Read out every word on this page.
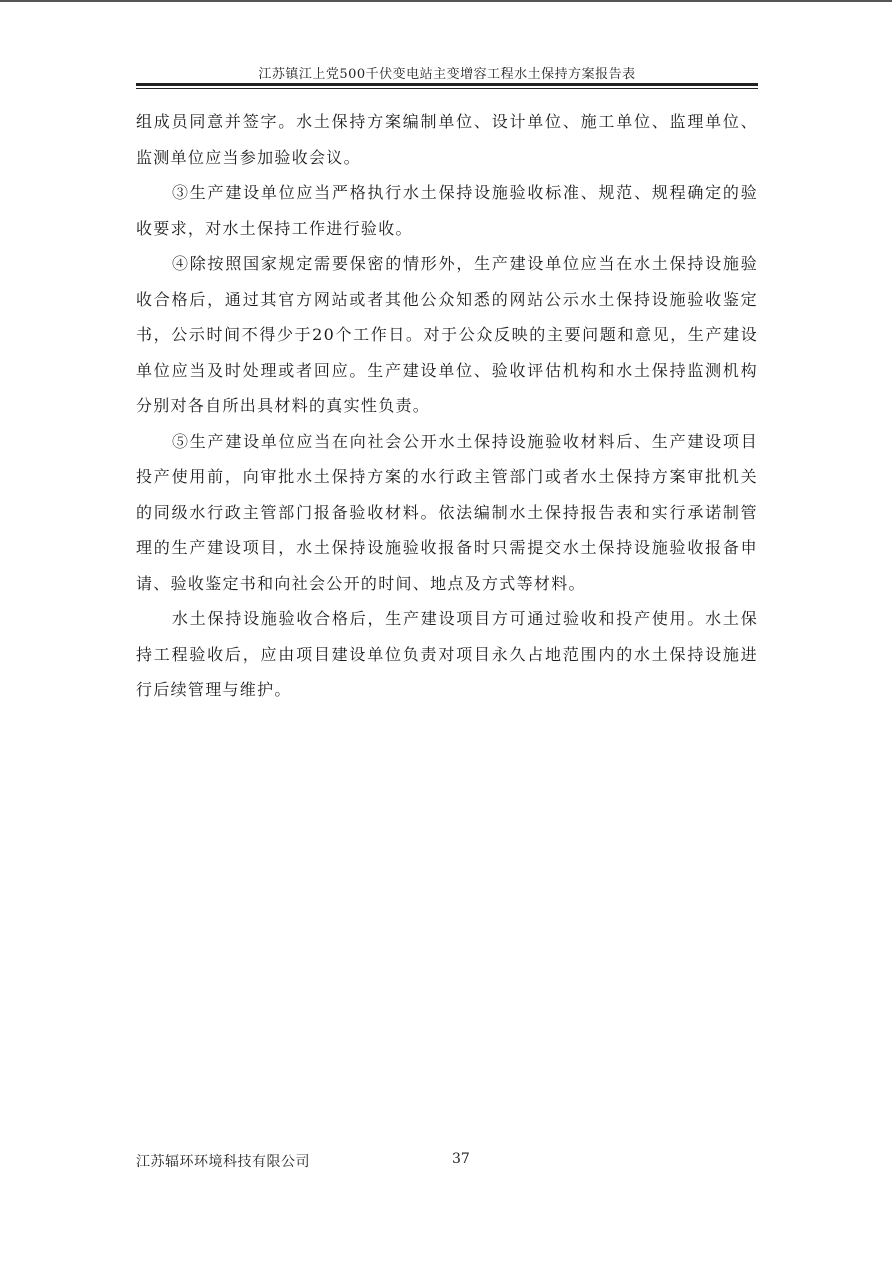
江苏镇江上党500千伏变电站主变增容工程水土保持方案报告表

组成员同意并签字。水土保持方案编制单位、设计单位、施工单位、监理单位、监测单位应当参加验收会议。

③生产建设单位应当严格执行水土保持设施验收标准、规范、规程确定的验收要求，对水土保持工作进行验收。

④除按照国家规定需要保密的情形外，生产建设单位应当在水土保持设施验收合格后，通过其官方网站或者其他公众知悉的网站公示水土保持设施验收鉴定书，公示时间不得少于20个工作日。对于公众反映的主要问题和意见，生产建设单位应当及时处理或者回应。生产建设单位、验收评估机构和水土保持监测机构分别对各自所出具材料的真实性负责。

⑤生产建设单位应当在向社会公开水土保持设施验收材料后、生产建设项目投产使用前，向审批水土保持方案的水行政主管部门或者水土保持方案审批机关的同级水行政主管部门报备验收材料。依法编制水土保持报告表和实行承诺制管理的生产建设项目，水土保持设施验收报备时只需提交水土保持设施验收报备申请、验收鉴定书和向社会公开的时间、地点及方式等材料。

水土保持设施验收合格后，生产建设项目方可通过验收和投产使用。水土保持工程验收后，应由项目建设单位负责对项目永久占地范围内的水土保持设施进行后续管理与维护。

江苏辐环环境科技有限公司	37
